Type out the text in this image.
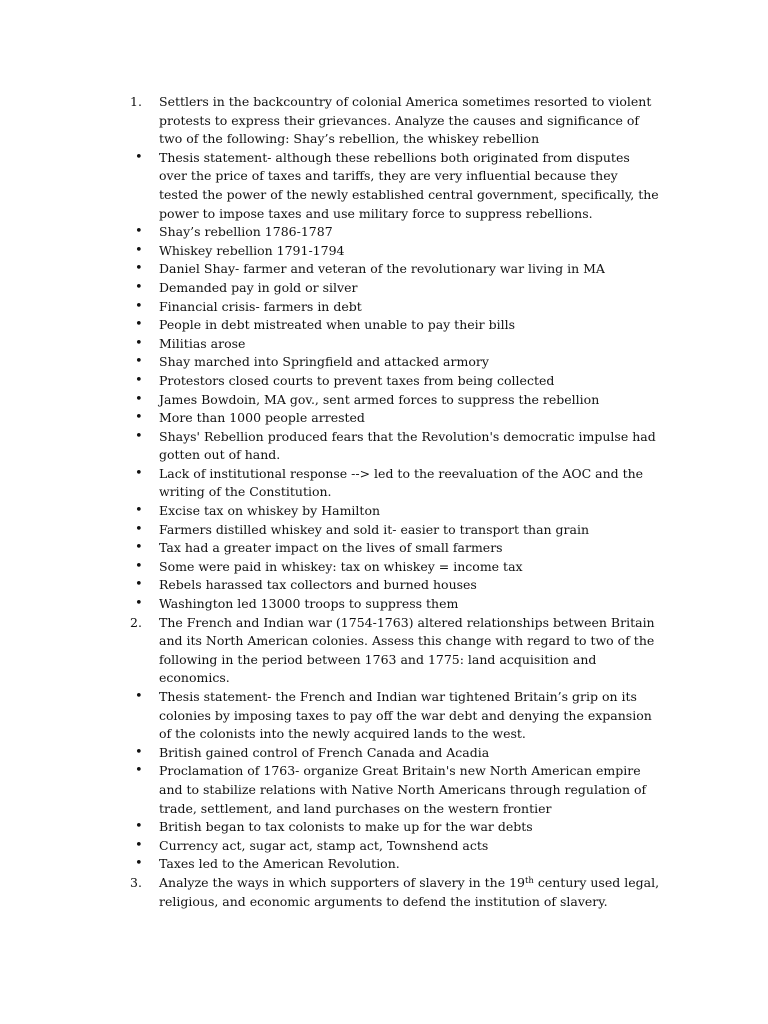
1.	Settlers in the backcountry of colonial America sometimes resorted to violent protests to express their grievances. Analyze the causes and significance of two of the following: Shay’s rebellion, the whiskey rebellion
•	Thesis statement- although these rebellions both originated from disputes over the price of taxes and tariffs, they are very influential because they tested the power of the newly established central government, specifically, the power to impose taxes and use military force to suppress rebellions.
•	Shay’s rebellion 1786-1787
•	Whiskey rebellion 1791-1794
•	Daniel Shay- farmer and veteran of the revolutionary war living in MA
•	Demanded pay in gold or silver
•	Financial crisis- farmers in debt
•	People in debt mistreated when unable to pay their bills
•	Militias arose
•	Shay marched into Springfield and attacked armory
•	Protestors closed courts to prevent taxes from being collected
•	James Bowdoin, MA gov., sent armed forces to suppress the rebellion
•	More than 1000 people arrested
•	Shays' Rebellion produced fears that the Revolution's democratic impulse had gotten out of hand.
•	Lack of institutional response --> led to the reevaluation of the AOC and the writing of the Constitution.
•	Excise tax on whiskey by Hamilton
•	Farmers distilled whiskey and sold it- easier to transport than grain
•	Tax had a greater impact on the lives of small farmers
•	Some were paid in whiskey: tax on whiskey = income tax
•	Rebels harassed tax collectors and burned houses
•	Washington led 13000 troops to suppress them
2.	The French and Indian war (1754-1763) altered relationships between Britain and its North American colonies. Assess this change with regard to two of the following in the period between 1763 and 1775: land acquisition and economics.
•	Thesis statement- the French and Indian war tightened Britain’s grip on its colonies by imposing taxes to pay off the war debt and denying the expansion of the colonists into the newly acquired lands to the west.
•	British gained control of French Canada and Acadia
•	Proclamation of 1763- organize Great Britain's new North American empire and to stabilize relations with Native North Americans through regulation of trade, settlement, and land purchases on the western frontier
•	British began to tax colonists to make up for the war debts
•	Currency act, sugar act, stamp act, Townshend acts
•	Taxes led to the American Revolution.
3.	Analyze the ways in which supporters of slavery in the 19th century used legal, religious, and economic arguments to defend the institution of slavery.
